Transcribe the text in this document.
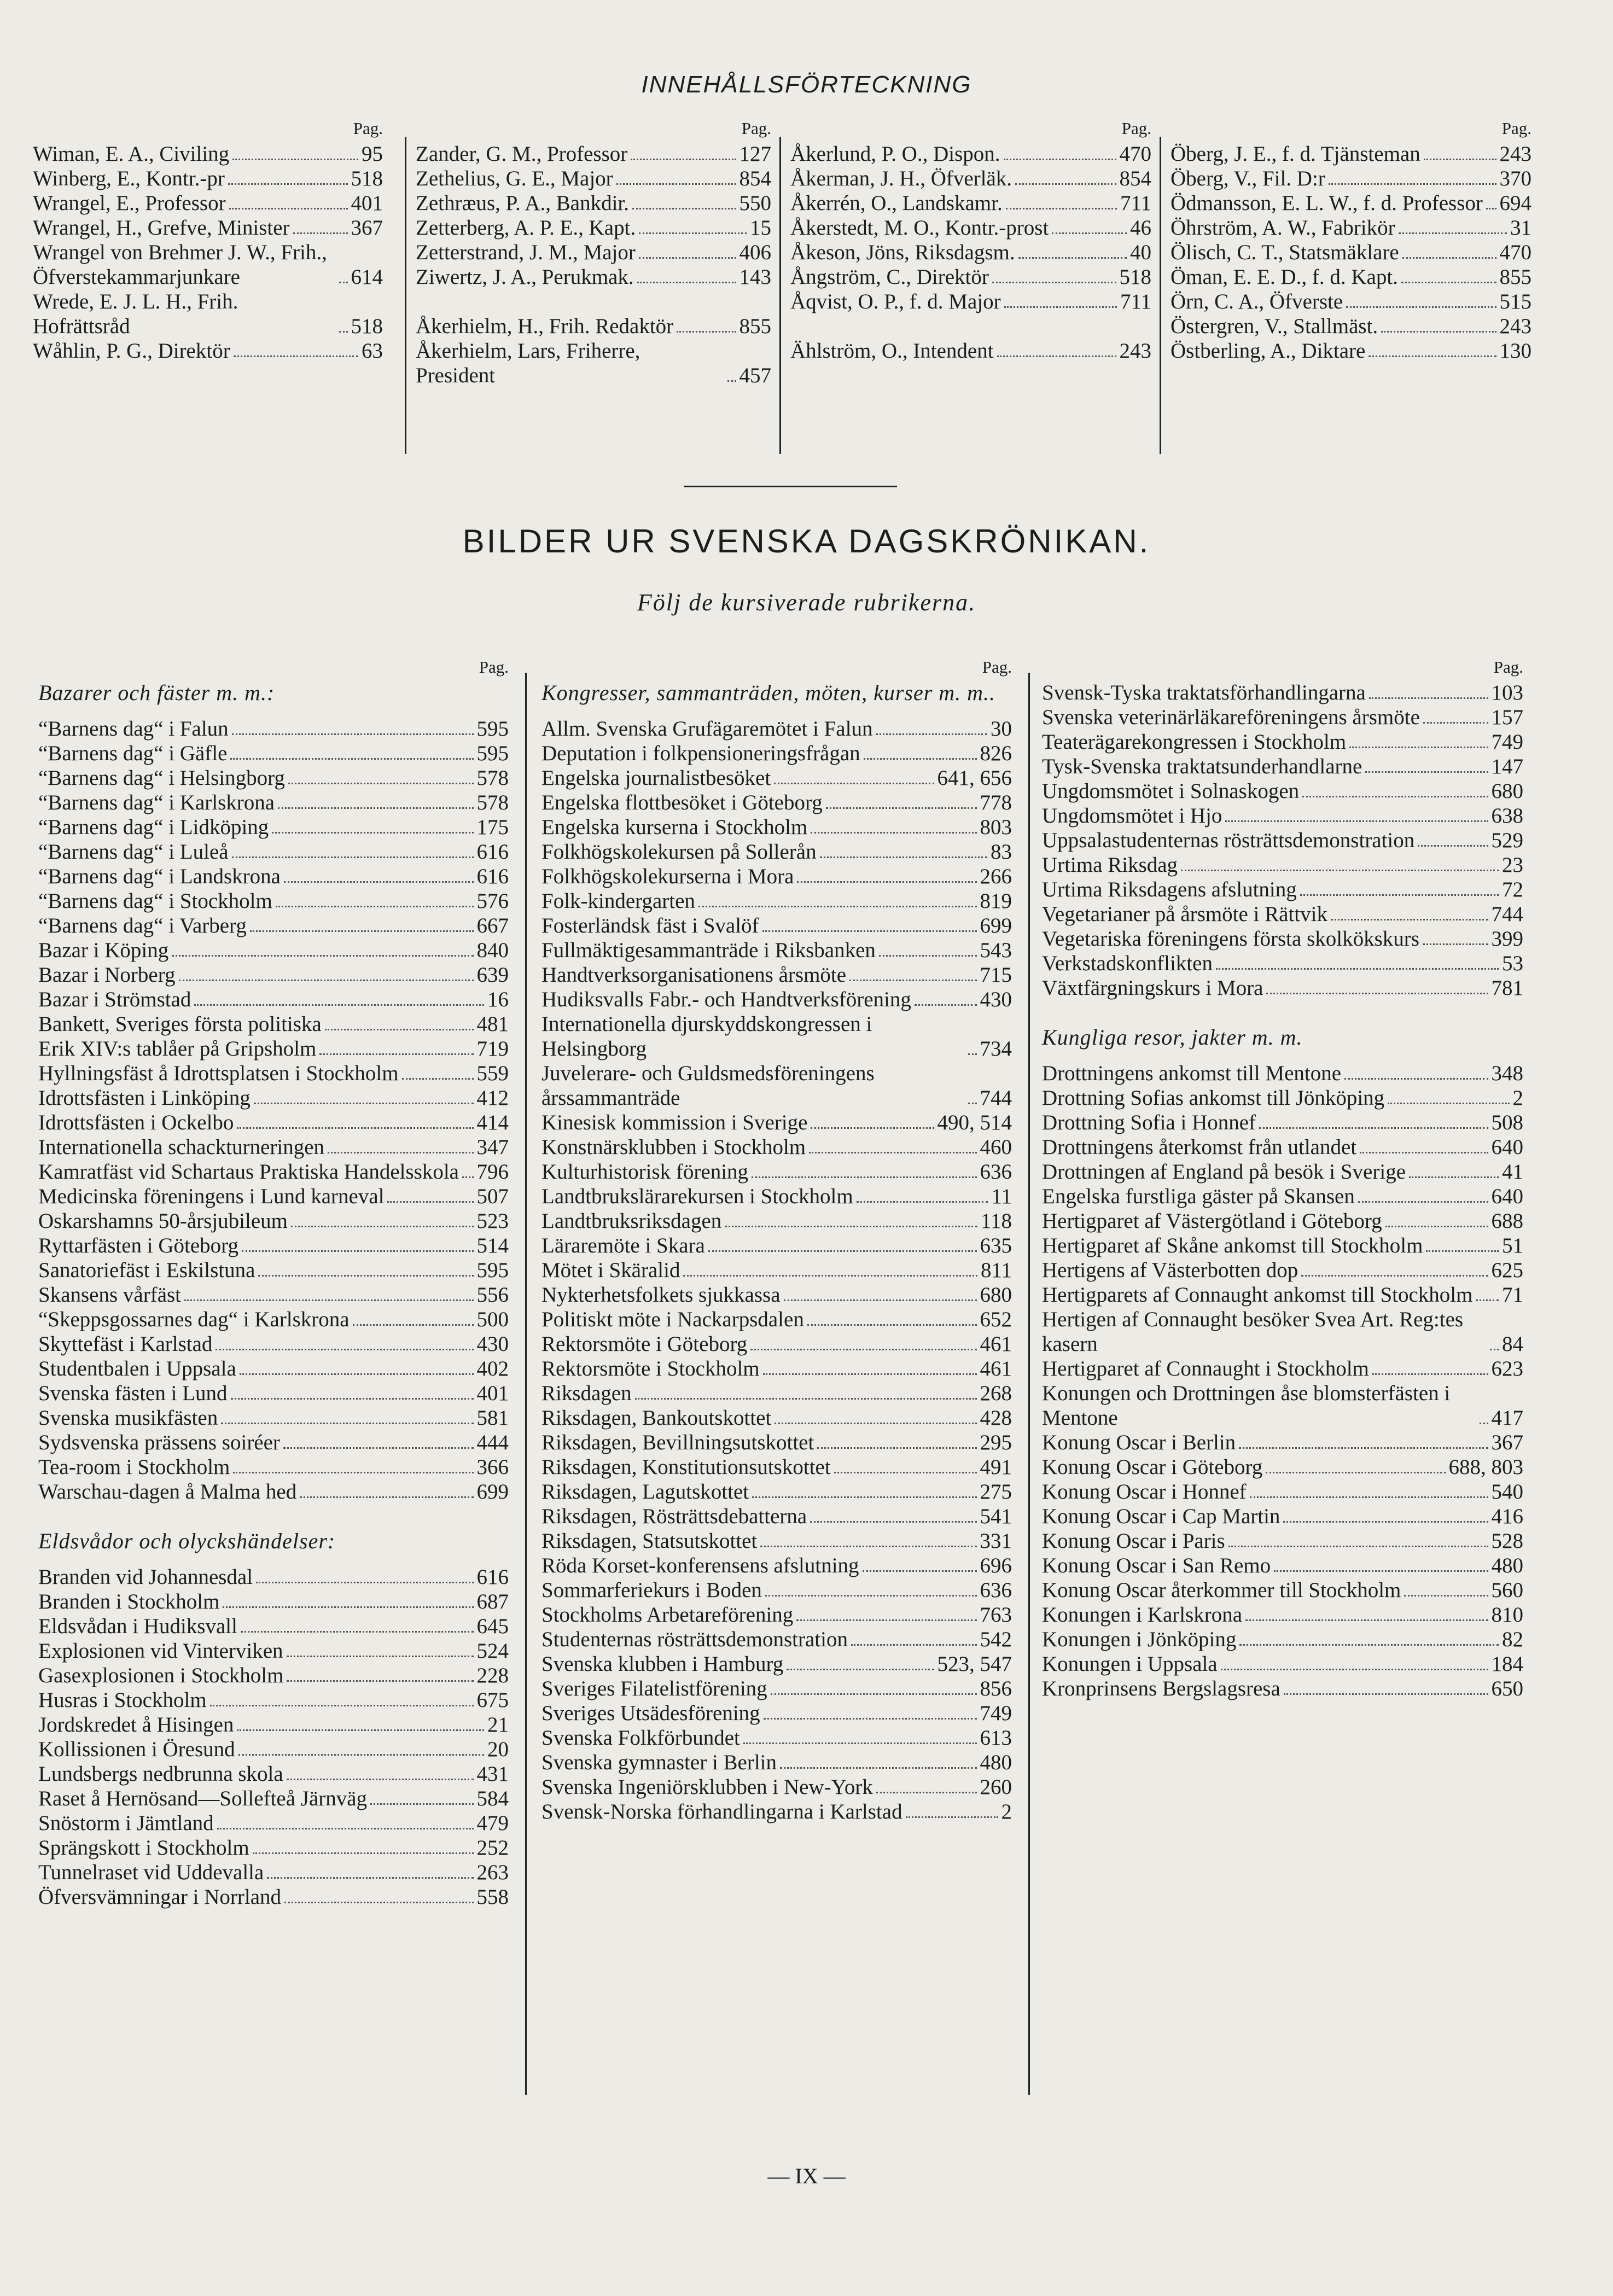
INNEHÅLLSFÖRTECKNING
Pag.
Wiman, E. A., Civiling	95
Winberg, E., Kontr.-pr	518
Wrangel, E., Professor	401
Wrangel, H., Grefve, Minister	367
Wrangel von Brehmer J. W., Frih., Öfverstekammarjunkare	614
Wrede, E. J. L. H., Frih. Hofrättsråd	518
Wåhlin, P. G., Direktör	63
Pag.
Zander, G. M., Professor	127
Zethelius, G. E., Major	854
Zethræus, P. A., Bankdir.	550
Zetterberg, A. P. E., Kapt.	15
Zetterstrand, J. M., Major	406
Ziwertz, J. A., Perukmak.	143
Åkerhielm, H., Frih. Redaktör	855
Åkerhielm, Lars, Friherre, President	457
Pag.
Åkerlund, P. O., Dispon.	470
Åkerman, J. H., Öfverläk.	854
Åkerrén, O., Landskamr.	711
Åkerstedt, M. O., Kontr.-prost	46
Åkeson, Jöns, Riksdagsm.	40
Ångström, C., Direktör	518
Åqvist, O. P., f. d. Major	711
Ählström, O., Intendent	243
Pag.
Öberg, J. E., f. d. Tjänsteman	243
Öberg, V., Fil. D:r	370
Ödmansson, E. L. W., f. d. Professor 694
Öhrström, A. W., Fabrikör	31
Ölisch, C. T., Statsmäklare	470
Öman, E. E. D., f. d. Kapt.	855
Örn, C. A., Öfverste	515
Östergren, V., Stallmäst.	243
Östberling, A., Diktare	130
BILDER UR SVENSKA DAGSKRÖNIKAN.
Följ de kursiverade rubrikerna.
Pag.
Bazarer och fäster m. m.:
“Barnens dag“ i Falun	595
“Barnens dag“ i Gäfle	595
“Barnens dag“ i Helsingborg	578
“Barnens dag“ i Karlskrona	578
“Barnens dag“ i Lidköping	175
“Barnens dag“ i Luleå	616
“Barnens dag“ i Landskrona	616
“Barnens dag“ i Stockholm	576
“Barnens dag“ i Varberg	667
Bazar i Köping	840
Bazar i Norberg	639
Bazar i Strömstad	16
Bankett, Sveriges första politiska	481
Erik XIV:s tablåer på Gripsholm	719
Hyllningsfäst å Idrottsplatsen i Stockholm	559
Idrottsfästen i Linköping	412
Idrottsfästen i Ockelbo	414
Internationella schackturneringen	347
Kamratfäst vid Schartaus Praktiska Handelsskola 796
Medicinska föreningens i Lund karneval	507
Oskarshamns 50-årsjubileum	523
Ryttarfästen i Göteborg	514
Sanatoriefäst i Eskilstuna	595
Skansens vårfäst	556
“Skeppsgossarnes dag“ i Karlskrona	500
Skyttefäst i Karlstad	430
Studentbalen i Uppsala	402
Svenska fästen i Lund	401
Svenska musikfästen	581
Sydsvenska prässens soiréer	444
Tea-room i Stockholm	366
Warschau-dagen å Malma hed	699
Eldsvådor och olyckshändelser:
Branden vid Johannesdal	616
Branden i Stockholm	687
Eldsvådan i Hudiksvall	645
Explosionen vid Vinterviken	524
Gasexplosionen i Stockholm	228
Husras i Stockholm	675
Jordskredet å Hisingen	21
Kollissionen i Öresund	20
Lundsbergs nedbrunna skola	431
Raset å Hernösand—Sollefteå Järnväg	584
Snöstorm i Jämtland	479
Sprängskott i Stockholm	252
Tunnelraset vid Uddevalla	263
Öfversvämningar i Norrland	558
Pag.
Kongresser, sammanträden, möten, kurser m. m..
Allm. Svenska Grufägaremötet i Falun	30
Deputation i folkpensioneringsfrågan	826
Engelska journalistbesöket	641, 656
Engelska flottbesöket i Göteborg	778
Engelska kurserna i Stockholm	803
Folkhögskolekursen på Sollerån	83
Folkhögskolekurserna i Mora	266
Folk-kindergarten	819
Fosterländsk fäst i Svalöf	699
Fullmäktigesammanträde i Riksbanken	543
Handtverksorganisationens årsmöte	715
Hudiksvalls Fabr.- och Handtverksförening	430
Internationella djurskyddskongressen i Helsingborg	734
Juvelerare- och Guldsmedsföreningens årssammanträde	744
Kinesisk kommission i Sverige	490, 514
Konstnärsklubben i Stockholm	460
Kulturhistorisk förening	636
Landtbrukslärarekursen i Stockholm	11
Landtbruksriksdagen	118
Läraremöte i Skara	635
Mötet i Skäralid	811
Nykterhetsfolkets sjukkassa	680
Politiskt möte i Nackarpsdalen	652
Rektorsmöte i Göteborg	461
Rektorsmöte i Stockholm	461
Riksdagen	268
Riksdagen, Bankoutskottet	428
Riksdagen, Bevillningsutskottet	295
Riksdagen, Konstitutionsutskottet	491
Riksdagen, Lagutskottet	275
Riksdagen, Rösträttsdebatterna	541
Riksdagen, Statsutskottet	331
Röda Korset-konferensens afslutning	696
Sommarferiekurs i Boden	636
Stockholms Arbetareförening	763
Studenternas rösträttsdemonstration	542
Svenska klubben i Hamburg	523, 547
Sveriges Filatelistförening	856
Sveriges Utsädesförening	749
Svenska Folkförbundet	613
Svenska gymnaster i Berlin	480
Svenska Ingeniörsklubben i New-York	260
Svensk-Norska förhandlingarna i Karlstad	2
Pag.
Svensk-Tyska traktatsförhandlingarna	103
Svenska veterinärläkareföreningens årsmöte	157
Teaterägarekongressen i Stockholm	749
Tysk-Svenska traktatsunderhandlarne	147
Ungdomsmötet i Solnaskogen	680
Ungdomsmötet i Hjo	638
Uppsalastudenternas rösträttsdemonstration	529
Urtima Riksdag	23
Urtima Riksdagens afslutning	72
Vegetarianer på årsmöte i Rättvik	744
Vegetariska föreningens första skolkökskurs	399
Verkstadskonflikten	53
Växtfärgningskurs i Mora	781
Kungliga resor, jakter m. m.
Drottningens ankomst till Mentone	348
Drottning Sofias ankomst till Jönköping	2
Drottning Sofia i Honnef	508
Drottningens återkomst från utlandet	640
Drottningen af England på besök i Sverige	41
Engelska furstliga gäster på Skansen	640
Hertigparet af Västergötland i Göteborg	688
Hertigparet af Skåne ankomst till Stockholm	51
Hertigens af Västerbotten dop	625
Hertigparets af Connaught ankomst till Stockholm 71
Hertigen af Connaught besöker Svea Art. Reg:tes kasern	84
Hertigparet af Connaught i Stockholm	623
Konungen och Drottningen åse blomsterfästen i Mentone	417
Konung Oscar i Berlin	367
Konung Oscar i Göteborg	688, 803
Konung Oscar i Honnef	540
Konung Oscar i Cap Martin	416
Konung Oscar i Paris	528
Konung Oscar i San Remo	480
Konung Oscar återkommer till Stockholm	560
Konungen i Karlskrona	810
Konungen i Jönköping	82
Konungen i Uppsala	184
Kronprinsens Bergslagsresa	650
— IX —
